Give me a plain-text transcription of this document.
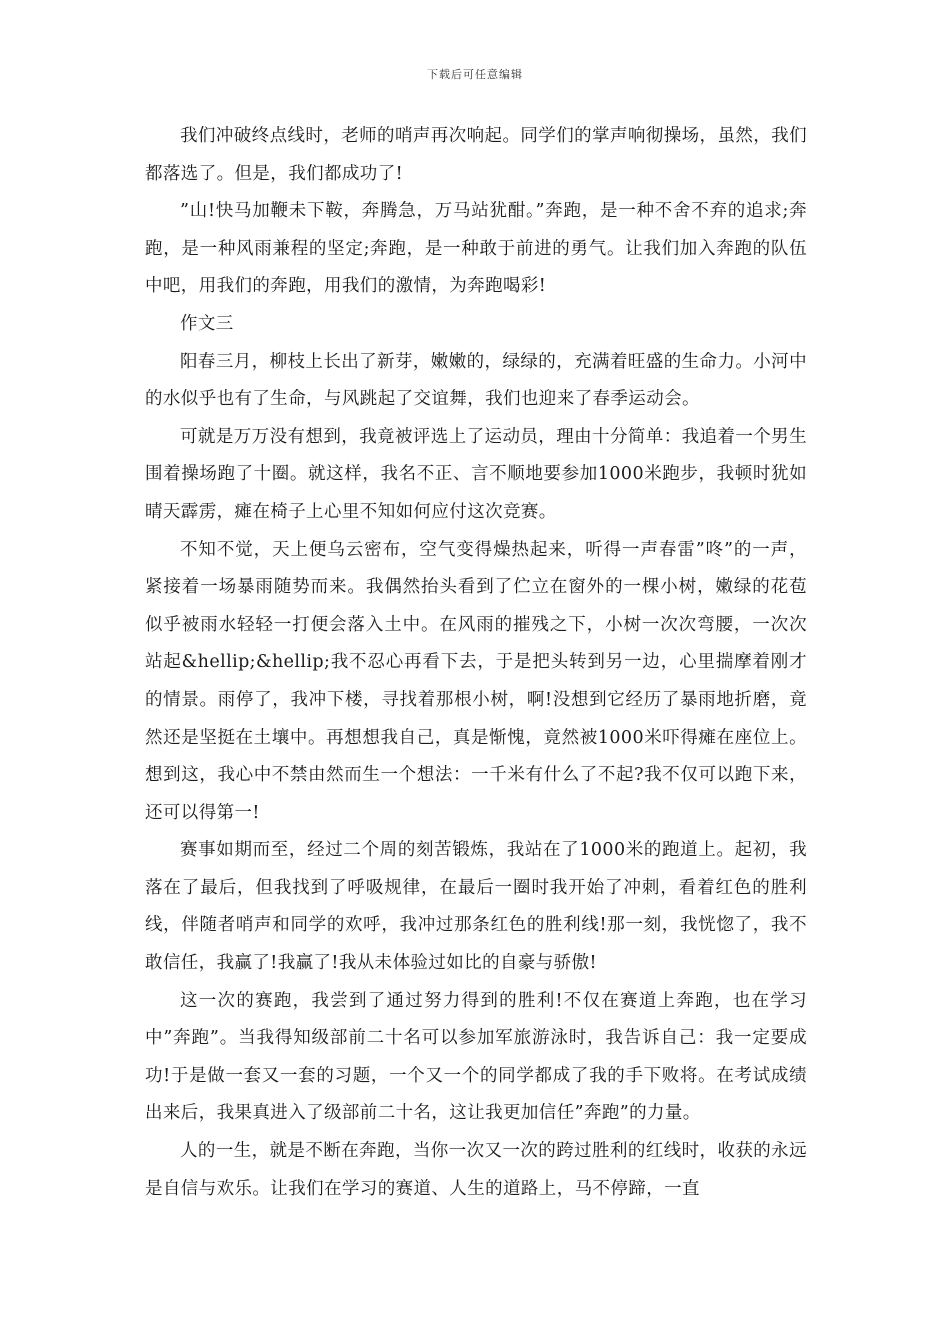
下载后可任意编辑

我们冲破终点线时，老师的哨声再次响起。同学们的掌声响彻操场，虽然，我们都落选了。但是，我们都成功了!

”山!快马加鞭未下鞍，奔腾急，万马站犹酣。”奔跑，是一种不舍不弃的追求;奔跑，是一种风雨兼程的坚定;奔跑，是一种敢于前进的勇气。让我们加入奔跑的队伍中吧，用我们的奔跑，用我们的激情，为奔跑喝彩!

作文三

阳春三月，柳枝上长出了新芽，嫩嫩的，绿绿的，充满着旺盛的生命力。小河中的水似乎也有了生命，与风跳起了交谊舞，我们也迎来了春季运动会。

可就是万万没有想到，我竟被评选上了运动员，理由十分简单：我追着一个男生围着操场跑了十圈。就这样，我名不正、言不顺地要参加1000米跑步，我顿时犹如晴天霹雳，瘫在椅子上心里不知如何应付这次竞赛。

不知不觉，天上便乌云密布，空气变得燥热起来，听得一声春雷”咚”的一声，紧接着一场暴雨随势而来。我偶然抬头看到了伫立在窗外的一棵小树，嫩绿的花苞似乎被雨水轻轻一打便会落入土中。在风雨的摧残之下，小树一次次弯腰，一次次站起&hellip;&hellip;我不忍心再看下去，于是把头转到另一边，心里揣摩着刚才的情景。雨停了，我冲下楼，寻找着那根小树，啊!没想到它经历了暴雨地折磨，竟然还是坚挺在土壤中。再想想我自己，真是惭愧，竟然被1000米吓得瘫在座位上。想到这，我心中不禁由然而生一个想法：一千米有什么了不起?我不仅可以跑下来，还可以得第一!

赛事如期而至，经过二个周的刻苦锻炼，我站在了1000米的跑道上。起初，我落在了最后，但我找到了呼吸规律，在最后一圈时我开始了冲刺，看着红色的胜利线，伴随者哨声和同学的欢呼，我冲过那条红色的胜利线!那一刻，我恍惚了，我不敢信任，我赢了!我赢了!我从未体验过如比的自豪与骄傲!

这一次的赛跑，我尝到了通过努力得到的胜利!不仅在赛道上奔跑，也在学习中”奔跑”。当我得知级部前二十名可以参加军旅游泳时，我告诉自己：我一定要成功!于是做一套又一套的习题，一个又一个的同学都成了我的手下败将。在考试成绩出来后，我果真进入了级部前二十名，这让我更加信任”奔跑”的力量。

人的一生，就是不断在奔跑，当你一次又一次的跨过胜利的红线时，收获的永远是自信与欢乐。让我们在学习的赛道、人生的道路上，马不停蹄，一直
